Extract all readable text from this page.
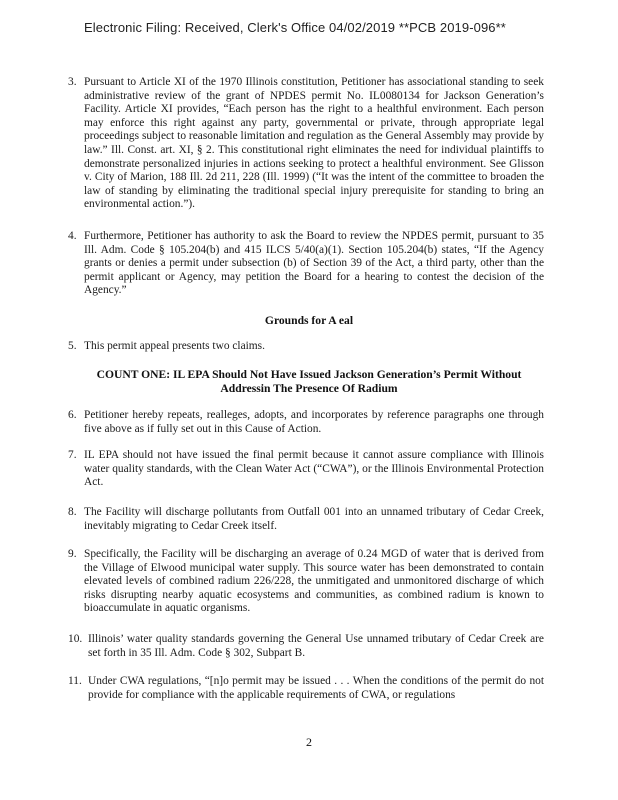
Electronic Filing: Received, Clerk's Office 04/02/2019 **PCB 2019-096**
3. Pursuant to Article XI of the 1970 Illinois constitution, Petitioner has associational standing to seek administrative review of the grant of NPDES permit No. IL0080134 for Jackson Generation’s Facility. Article XI provides, “Each person has the right to a healthful environment. Each person may enforce this right against any party, governmental or private, through appropriate legal proceedings subject to reasonable limitation and regulation as the General Assembly may provide by law.” Ill. Const. art. XI, § 2. This constitutional right eliminates the need for individual plaintiffs to demonstrate personalized injuries in actions seeking to protect a healthful environment. See Glisson v. City of Marion, 188 Ill. 2d 211, 228 (Ill. 1999) (“It was the intent of the committee to broaden the law of standing by eliminating the traditional special injury prerequisite for standing to bring an environmental action.”).
4. Furthermore, Petitioner has authority to ask the Board to review the NPDES permit, pursuant to 35 Ill. Adm. Code § 105.204(b) and 415 ILCS 5/40(a)(1). Section 105.204(b) states, “If the Agency grants or denies a permit under subsection (b) of Section 39 of the Act, a third party, other than the permit applicant or Agency, may petition the Board for a hearing to contest the decision of the Agency.”
Grounds for A eal
5. This permit appeal presents two claims.
COUNT ONE: IL EPA Should Not Have Issued Jackson Generation’s Permit Without
Addressin The Presence Of Radium
6. Petitioner hereby repeats, realleges, adopts, and incorporates by reference paragraphs one through five above as if fully set out in this Cause of Action.
7. IL EPA should not have issued the final permit because it cannot assure compliance with Illinois water quality standards, with the Clean Water Act (“CWA”), or the Illinois Environmental Protection Act.
8. The Facility will discharge pollutants from Outfall 001 into an unnamed tributary of Cedar Creek, inevitably migrating to Cedar Creek itself.
9. Specifically, the Facility will be discharging an average of 0.24 MGD of water that is derived from the Village of Elwood municipal water supply. This source water has been demonstrated to contain elevated levels of combined radium 226/228, the unmitigated and unmonitored discharge of which risks disrupting nearby aquatic ecosystems and communities, as combined radium is known to bioaccumulate in aquatic organisms.
10. Illinois’ water quality standards governing the General Use unnamed tributary of Cedar Creek are set forth in 35 Ill. Adm. Code § 302, Subpart B.
11. Under CWA regulations, “[n]o permit may be issued . . . When the conditions of the permit do not provide for compliance with the applicable requirements of CWA, or regulations
2
